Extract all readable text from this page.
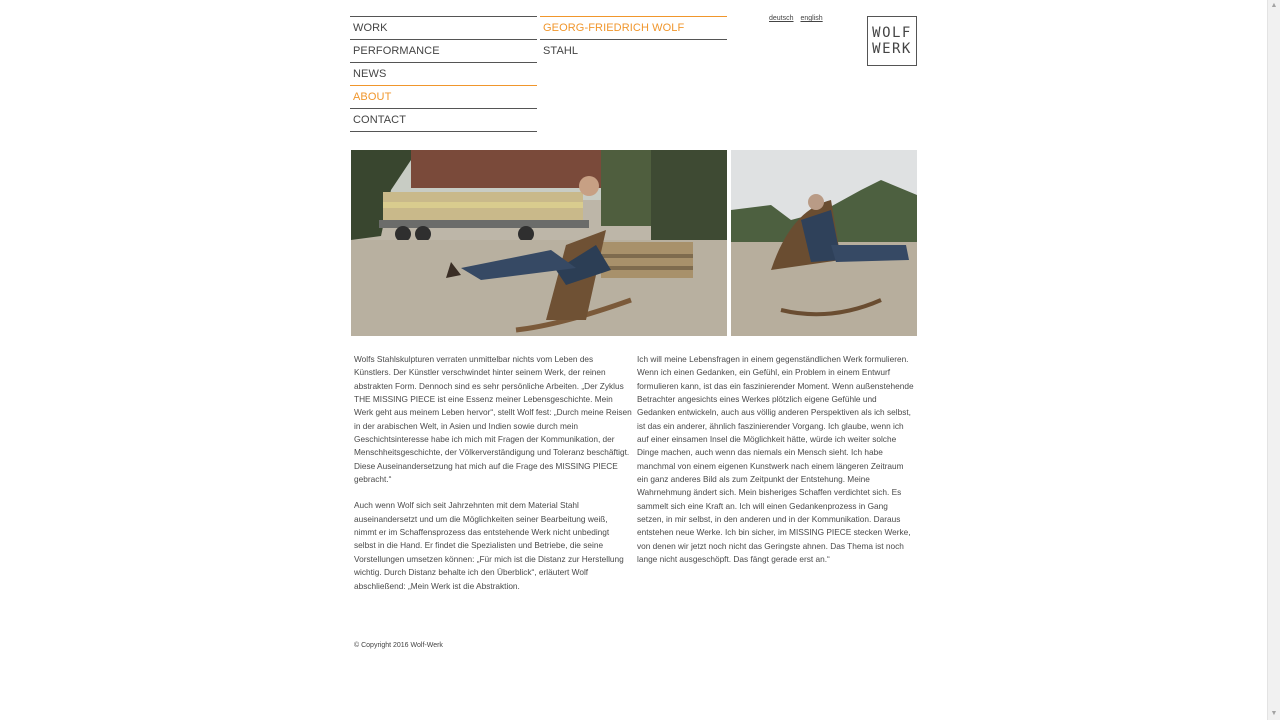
WORK
PERFORMANCE
NEWS
ABOUT
CONTACT
GEORG-FRIEDRICH WOLF
STAHL
deutsch english
WOLF
WERK

Wolfs Stahlskulpturen verraten unmittelbar nichts vom Leben des Künstlers. Der Künstler verschwindet hinter seinem Werk, der reinen abstrakten Form. Dennoch sind es sehr persönliche Arbeiten. „Der Zyklus THE MISSING PIECE ist eine Essenz meiner Lebensgeschichte. Mein Werk geht aus meinem Leben hervor“, stellt Wolf fest: „Durch meine Reisen in der arabischen Welt, in Asien und Indien sowie durch mein Geschichtsinteresse habe ich mich mit Fragen der Kommunikation, der Menschheitsgeschichte, der Völkerverständigung und Toleranz beschäftigt. Diese Auseinandersetzung hat mich auf die Frage des MISSING PIECE gebracht.“

Auch wenn Wolf sich seit Jahrzehnten mit dem Material Stahl auseinandersetzt und um die Möglichkeiten seiner Bearbeitung weiß, nimmt er im Schaffensprozess das entstehende Werk nicht unbedingt selbst in die Hand. Er findet die Spezialisten und Betriebe, die seine Vorstellungen umsetzen können: „Für mich ist die Distanz zur Herstellung wichtig. Durch Distanz behalte ich den Überblick“, erläutert Wolf abschließend: „Mein Werk ist die Abstraktion.

Ich will meine Lebensfragen in einem gegenständlichen Werk formulieren. Wenn ich einen Gedanken, ein Gefühl, ein Problem in einem Entwurf formulieren kann, ist das ein faszinierender Moment. Wenn außenstehende Betrachter angesichts eines Werkes plötzlich eigene Gefühle und Gedanken entwickeln, auch aus völlig anderen Perspektiven als ich selbst, ist das ein anderer, ähnlich faszinierender Vorgang. Ich glaube, wenn ich auf einer einsamen Insel die Möglichkeit hätte, würde ich weiter solche Dinge machen, auch wenn das niemals ein Mensch sieht. Ich habe manchmal von einem eigenen Kunstwerk nach einem längeren Zeitraum ein ganz anderes Bild als zum Zeitpunkt der Entstehung. Meine Wahrnehmung ändert sich. Mein bisheriges Schaffen verdichtet sich. Es sammelt sich eine Kraft an. Ich will einen Gedankenprozess in Gang setzen, in mir selbst, in den anderen und in der Kommunikation. Daraus entstehen neue Werke. Ich bin sicher, im MISSING PIECE stecken Werke, von denen wir jetzt noch nicht das Geringste ahnen. Das Thema ist noch lange nicht ausgeschöpft. Das fängt gerade erst an.“

© Copyright 2016 Wolf-Werk
▲
▼
